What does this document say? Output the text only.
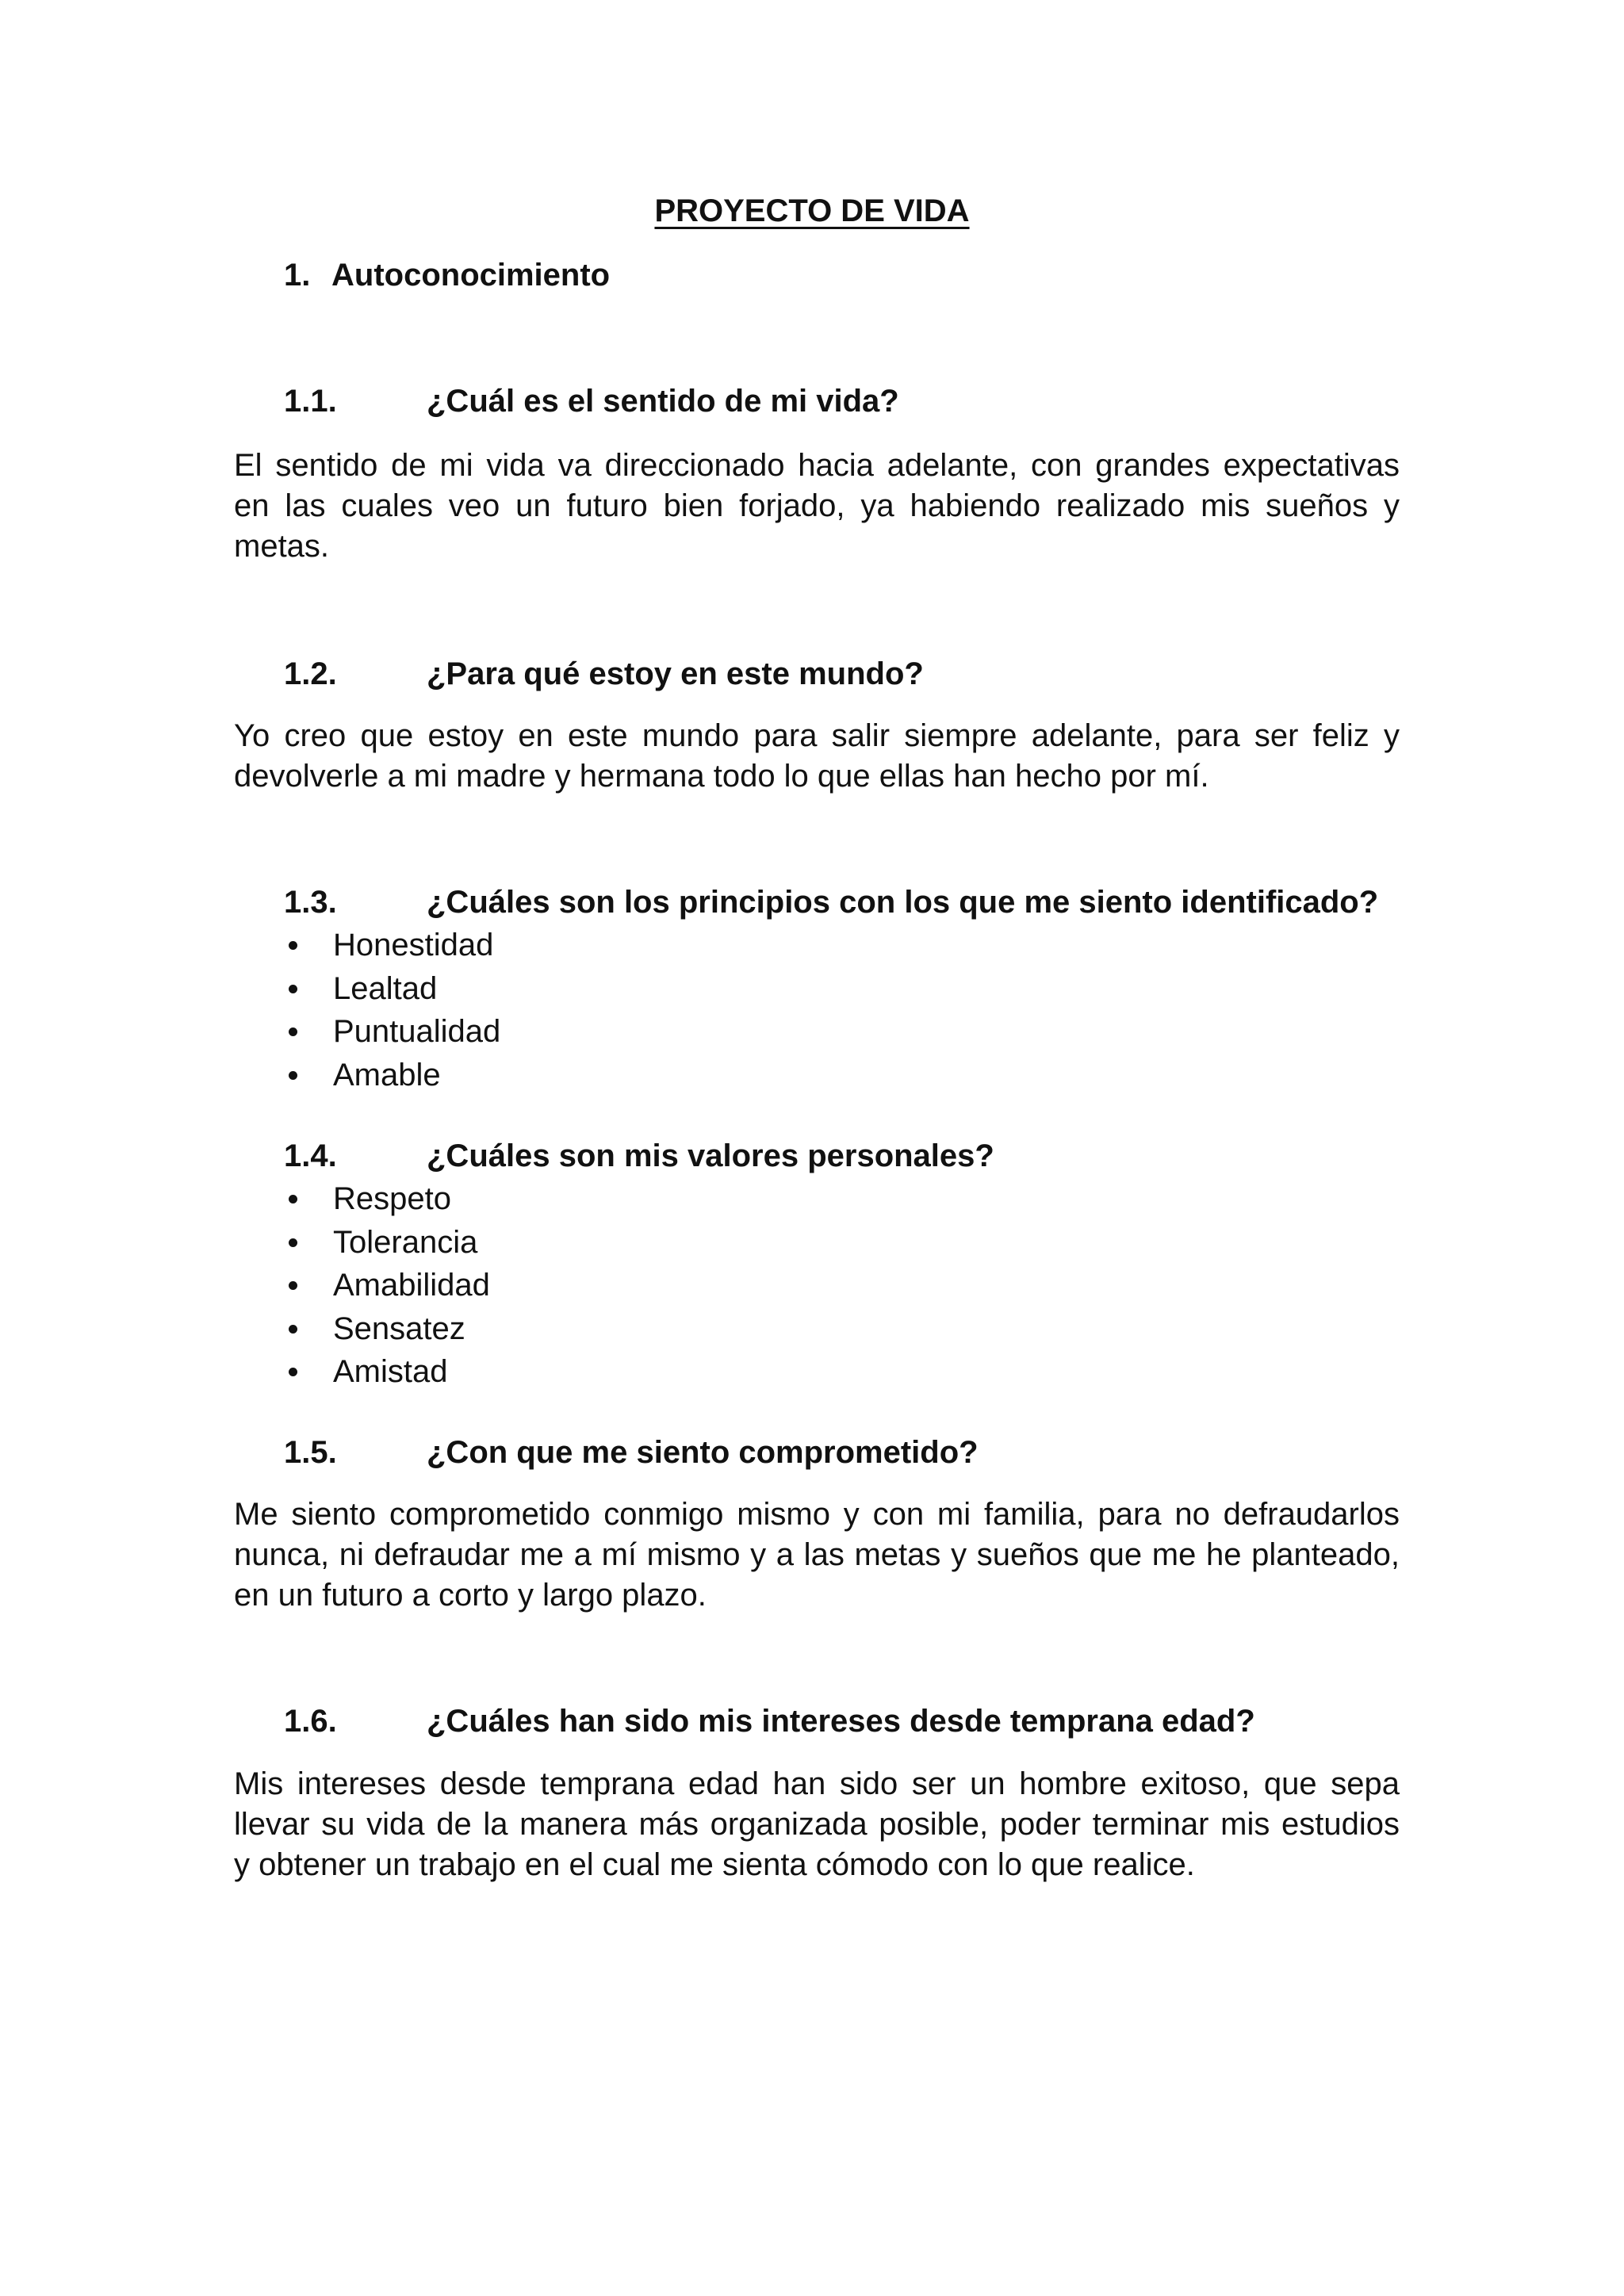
PROYECTO DE VIDA
1. Autoconocimiento
1.1.	¿Cuál es el sentido de mi vida?
El sentido de mi vida va direccionado hacia adelante, con grandes expectativas
en las cuales veo un futuro bien forjado, ya habiendo realizado mis sueños y
metas.
1.2.	¿Para qué estoy en este mundo?
Yo creo que estoy en este mundo para salir siempre adelante, para ser feliz y
devolverle a mi madre y hermana todo lo que ellas han hecho por mí.
1.3.	¿Cuáles son los principios con los que me siento identificado?
Honestidad
Lealtad
Puntualidad
Amable
1.4.	¿Cuáles son mis valores personales?
Respeto
Tolerancia
Amabilidad
Sensatez
Amistad
1.5.	¿Con que me siento comprometido?
Me siento comprometido conmigo mismo y con mi familia, para no defraudarlos
nunca, ni defraudar me a mí mismo y a las metas y sueños que me he planteado,
en un futuro a corto y largo plazo.
1.6.	¿Cuáles han sido mis intereses desde temprana edad?
Mis intereses desde temprana edad han sido ser un hombre exitoso, que sepa
llevar su vida de la manera más organizada posible, poder terminar mis estudios
y obtener un trabajo en el cual me sienta cómodo con lo que realice.
